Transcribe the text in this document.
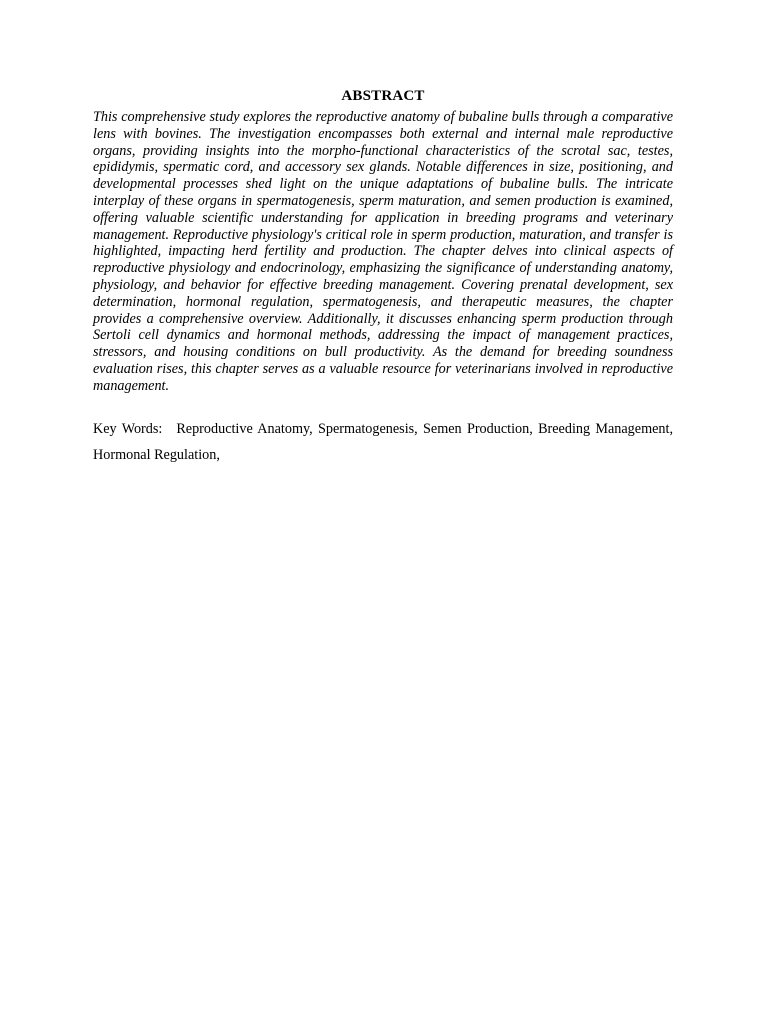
ABSTRACT

This comprehensive study explores the reproductive anatomy of bubaline bulls through a comparative lens with bovines. The investigation encompasses both external and internal male reproductive organs, providing insights into the morpho-functional characteristics of the scrotal sac, testes, epididymis, spermatic cord, and accessory sex glands. Notable differences in size, positioning, and developmental processes shed light on the unique adaptations of bubaline bulls. The intricate interplay of these organs in spermatogenesis, sperm maturation, and semen production is examined, offering valuable scientific understanding for application in breeding programs and veterinary management. Reproductive physiology's critical role in sperm production, maturation, and transfer is highlighted, impacting herd fertility and production. The chapter delves into clinical aspects of reproductive physiology and endocrinology, emphasizing the significance of understanding anatomy, physiology, and behavior for effective breeding management. Covering prenatal development, sex determination, hormonal regulation, spermatogenesis, and therapeutic measures, the chapter provides a comprehensive overview. Additionally, it discusses enhancing sperm production through Sertoli cell dynamics and hormonal methods, addressing the impact of management practices, stressors, and housing conditions on bull productivity. As the demand for breeding soundness evaluation rises, this chapter serves as a valuable resource for veterinarians involved in reproductive management.

Key Words: Reproductive Anatomy, Spermatogenesis, Semen Production, Breeding Management, Hormonal Regulation,
